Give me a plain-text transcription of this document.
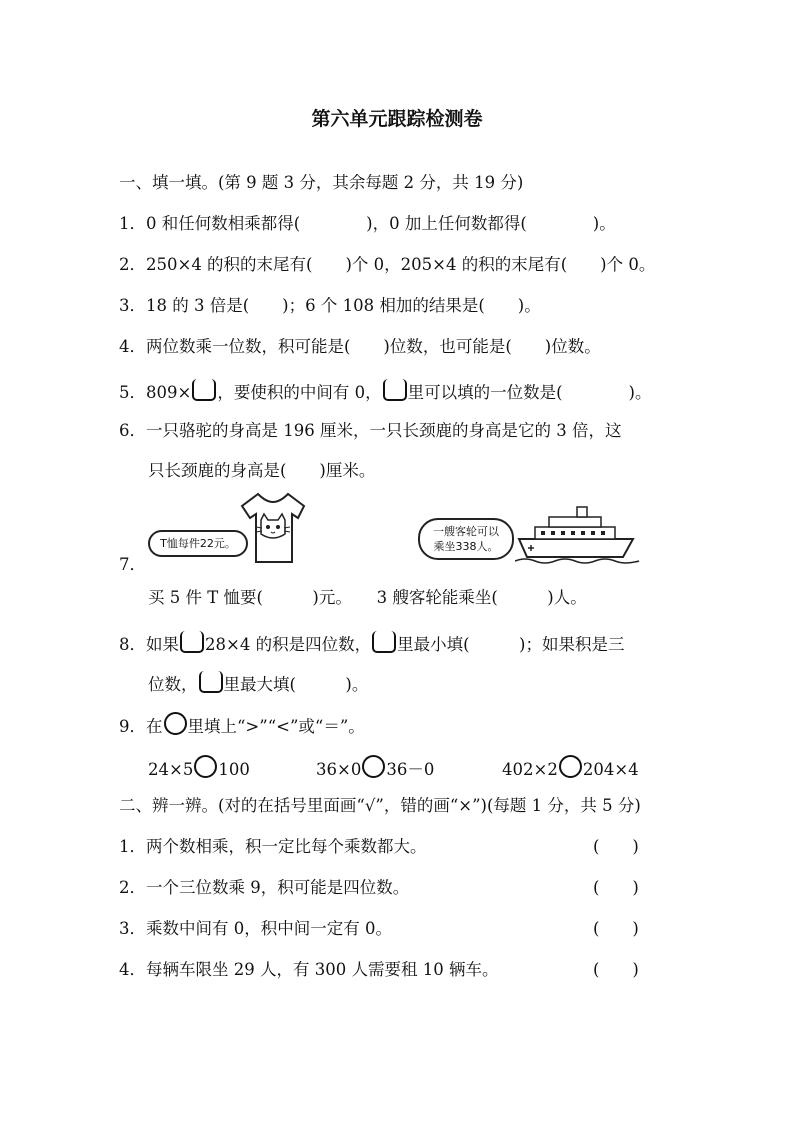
第六单元跟踪检测卷
一、填一填。(第 9 题 3 分，其余每题 2 分，共 19 分)
1．0 和任何数相乘都得(　　　　)，0 加上任何数都得(　　　　)。
2．250×4 的积的末尾有(　　)个 0，205×4 的积的末尾有(　　)个 0。
3．18 的 3 倍是(　　)；6 个 108 相加的结果是(　　)。
4．两位数乘一位数，积可能是(　　)位数，也可能是(　　)位数。
5．809× ，要使积的中间有 0， 里可以填的一位数是(　　　　)。
6．一只骆驼的身高是 196 厘米，一只长颈鹿的身高是它的 3 倍，这
只长颈鹿的身高是(　　)厘米。
7．
T恤每件22元。
一艘客轮可以
乘坐338人。
买 5 件 T 恤要(　　　)元。　　3 艘客轮能乘坐(　　　)人。
8．如果 28×4 的积是四位数， 里最小填(　　　)；如果积是三
位数， 里最大填(　　　)。
9．在 里填上“>”“<”或“＝”。
24×5 100	36×0 36－0	402×2 204×4
二、辨一辨。(对的在括号里面画“√”，错的画“×”)(每题 1 分，共 5 分)
1．两个数相乘，积一定比每个乘数都大。	(　　)
2．一个三位数乘 9，积可能是四位数。	(　　)
3．乘数中间有 0，积中间一定有 0。	(　　)
4．每辆车限坐 29 人，有 300 人需要租 10 辆车。	(　　)
